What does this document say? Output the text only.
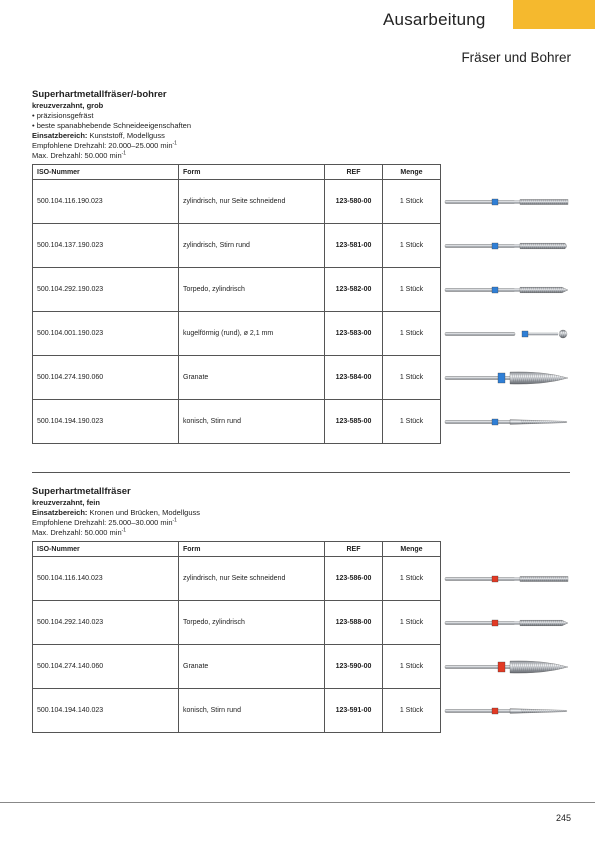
Ausarbeitung
Fräser und Bohrer
Superhartmetallfräser/-bohrer
kreuzverzahnt, grob
• präzisionsgefräst
• beste spanabhebende Schneideeigenschaften
Einsatzbereich: Kunststoff, Modellguss
Empfohlene Drehzahl: 20.000–25.000 $\min^{-1}$
Max. Drehzahl: 50.000 $\min^{-1}$
ISO-Nummer	Form	REF	Menge
500.104.116.190.023	zylindrisch, nur Seite schneidend	123-580-00	1 Stück
500.104.137.190.023	zylindrisch, Stirn rund	123-581-00	1 Stück
500.104.292.190.023	Torpedo, zylindrisch	123-582-00	1 Stück
500.104.001.190.023	kugelförmig (rund), ø 2,1 mm	123-583-00	1 Stück
500.104.274.190.060	Granate	123-584-00	1 Stück
500.104.194.190.023	konisch, Stirn rund	123-585-00	1 Stück
Superhartmetallfräser
kreuzverzahnt, fein
Einsatzbereich: Kronen und Brücken, Modellguss
Empfohlene Drehzahl: 25.000–30.000 $\min^{-1}$
Max. Drehzahl: 50.000 $\min^{-1}$
ISO-Nummer	Form	REF	Menge
500.104.116.140.023	zylindrisch, nur Seite schneidend	123-586-00	1 Stück
500.104.292.140.023	Torpedo, zylindrisch	123-588-00	1 Stück
500.104.274.140.060	Granate	123-590-00	1 Stück
500.104.194.140.023	konisch, Stirn rund	123-591-00	1 Stück
245
